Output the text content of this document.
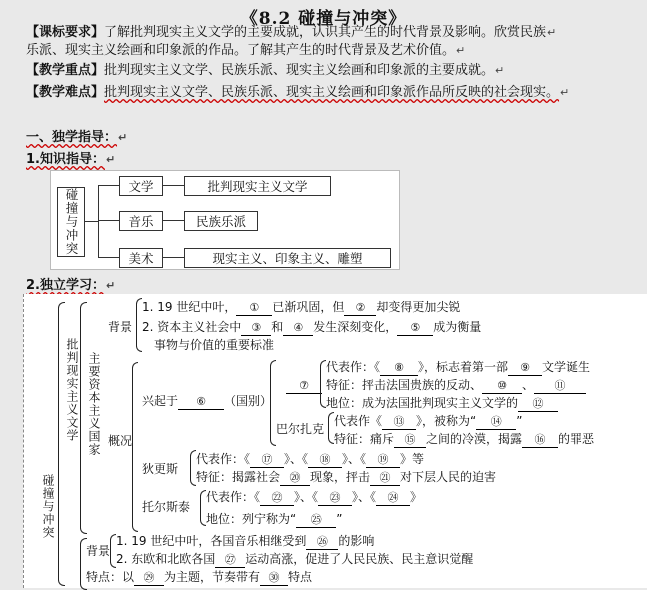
《8.2 碰撞与冲突》
【课标要求】了解批判现实主义文学的主要成就，认识其产生的时代背景及影响。欣赏民族↵
乐派、现实主义绘画和印象派的作品。了解其产生的时代背景及艺术价值。↵
【教学重点】批判现实主义文学、民族乐派、现实主义绘画和印象派的主要成就。↵
【教学难点】批判现实主义文学、民族乐派、现实主义绘画和印象派作品所反映的社会现实。↵
一、独学指导：↵
1.知识指导：↵
碰撞与冲突
文学	批判现实主义文学
音乐	民族乐派
美术	现实主义、印象主义、雕塑
2.独立学习：↵
碰撞与冲突
批判现实主义文学 主要资本主义国家
背景
1. 19 世纪中叶， ① 已渐巩固，但 ② 却变得更加尖锐
2. 资本主义社会中 ③ 和 ④ 发生深刻变化， ⑤ 成为衡量
事物与价值的重要标准
概况
兴起于 ⑥ （国别）
⑦
代表作：《 ⑧ 》，标志着第一部 ⑨ 文学诞生
特征：抨击法国贵族的反动、 ⑩ 、 ⑪
地位：成为法国批判现实主义文学的 ⑫
巴尔扎克
代表作《 ⑬ 》，被称为“ ⑭ ”
特征：痛斥 ⑮ 之间的冷漠，揭露 ⑯ 的罪恶
狄更斯
代表作：《 ⑰ 》、《 ⑱ 》、《 ⑲ 》等
特征：揭露社会 ⑳ 现象，抨击 ㉑ 对下层人民的迫害
托尔斯泰
代表作：《 ㉒ 》、《 ㉓ 》、《 ㉔ 》
地位：列宁称为“ ㉕ ”
背景
1. 19 世纪中叶，各国音乐相继受到 ㉖ 的影响
2. 东欧和北欧各国 ㉗ 运动高涨，促进了人民民族、民主意识觉醒
特点：以 ㉙ 为主题，节奏带有 ㉚ 特点
